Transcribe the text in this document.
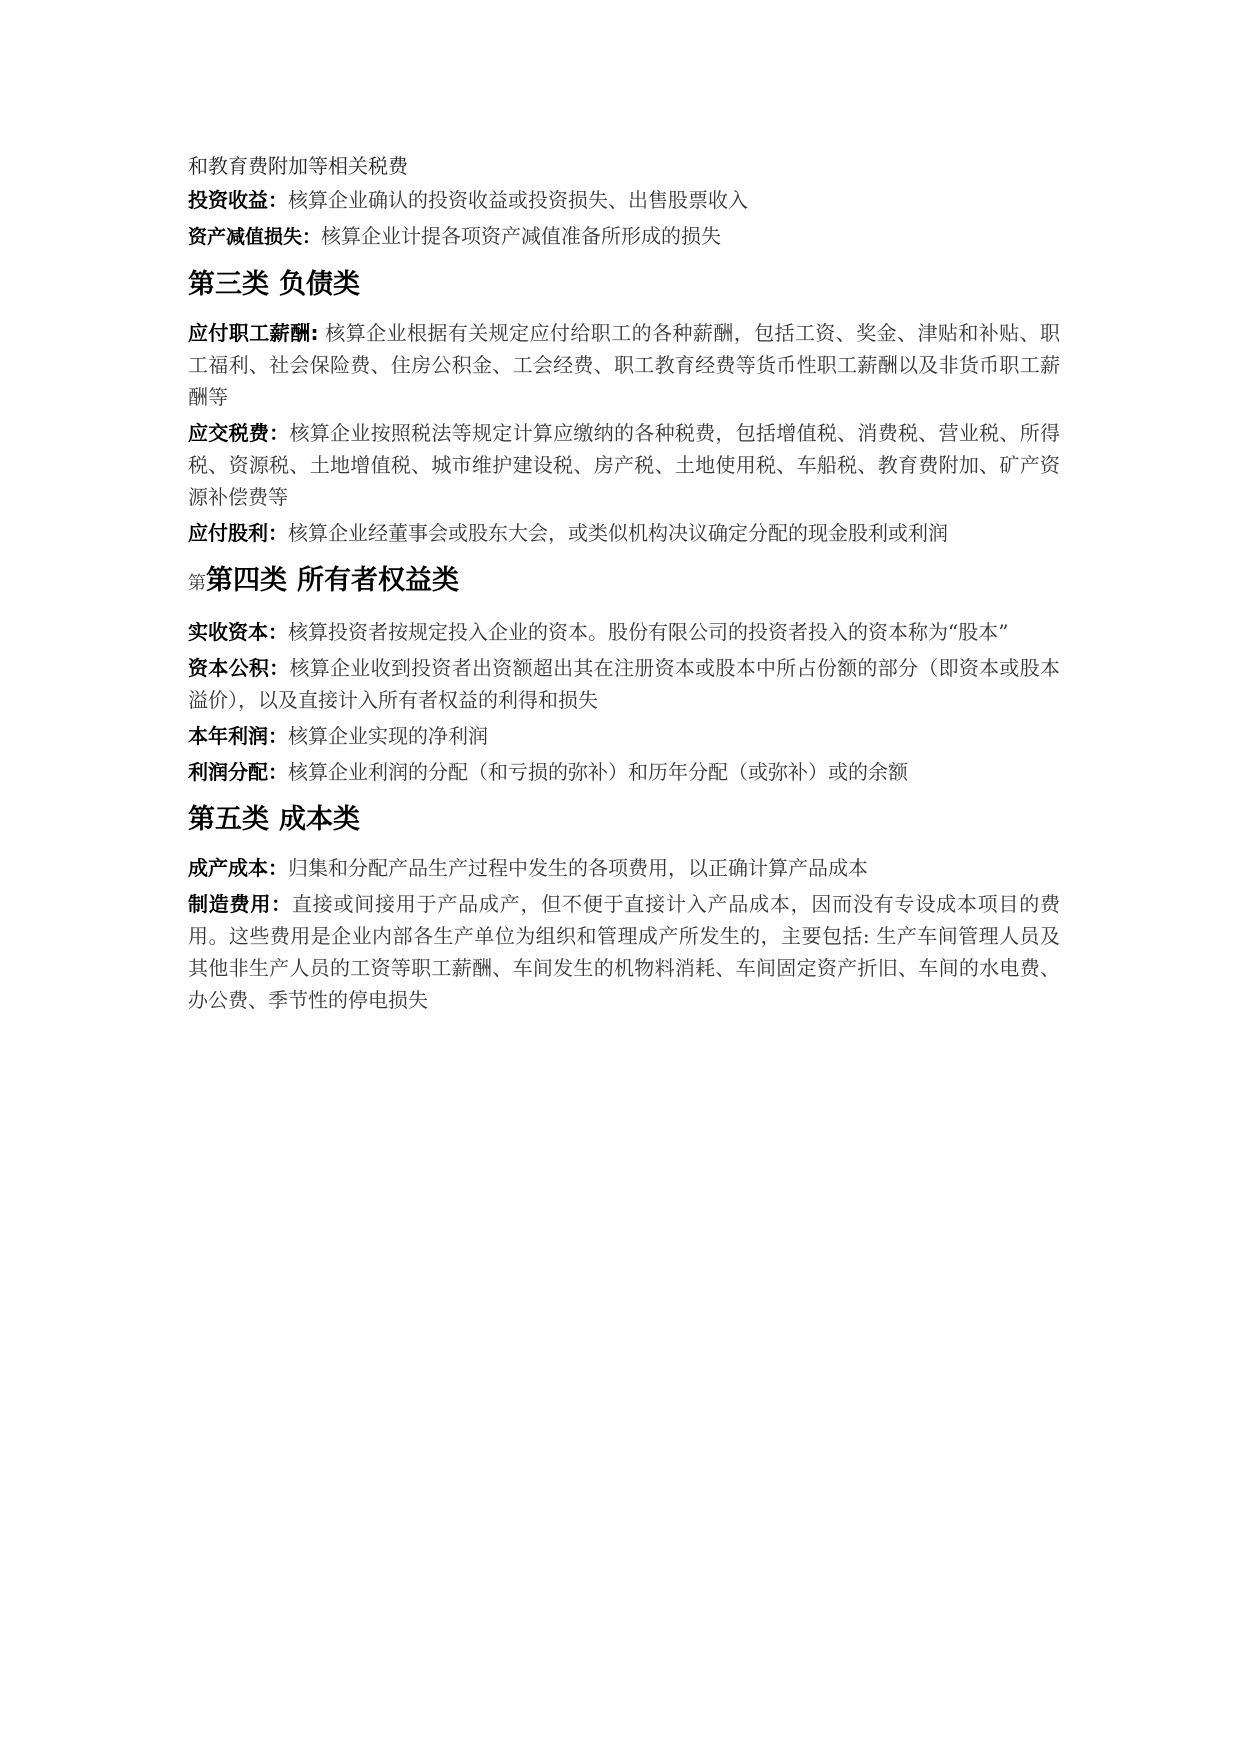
和教育费附加等相关税费

投资收益：核算企业确认的投资收益或投资损失、出售股票收入

资产减值损失：核算企业计提各项资产减值准备所形成的损失

第三类 负债类

应付职工薪酬: 核算企业根据有关规定应付给职工的各种薪酬，包括工资、奖金、津贴和补贴、职工福利、社会保险费、住房公积金、工会经费、职工教育经费等货币性职工薪酬以及非货币职工薪酬等

应交税费：核算企业按照税法等规定计算应缴纳的各种税费，包括增值税、消费税、营业税、所得税、资源税、土地增值税、城市维护建设税、房产税、土地使用税、车船税、教育费附加、矿产资源补偿费等

应付股利：核算企业经董事会或股东大会，或类似机构决议确定分配的现金股利或利润

第第四类 所有者权益类

实收资本：核算投资者按规定投入企业的资本。股份有限公司的投资者投入的资本称为“股本”

资本公积：核算企业收到投资者出资额超出其在注册资本或股本中所占份额的部分（即资本或股本溢价），以及直接计入所有者权益的利得和损失

本年利润：核算企业实现的净利润

利润分配：核算企业利润的分配（和亏损的弥补）和历年分配（或弥补）或的余额

第五类 成本类

成产成本：归集和分配产品生产过程中发生的各项费用，以正确计算产品成本

制造费用：直接或间接用于产品成产，但不便于直接计入产品成本，因而没有专设成本项目的费用。这些费用是企业内部各生产单位为组织和管理成产所发生的，主要包括: 生产车间管理人员及其他非生产人员的工资等职工薪酬、车间发生的机物料消耗、车间固定资产折旧、车间的水电费、办公费、季节性的停电损失
